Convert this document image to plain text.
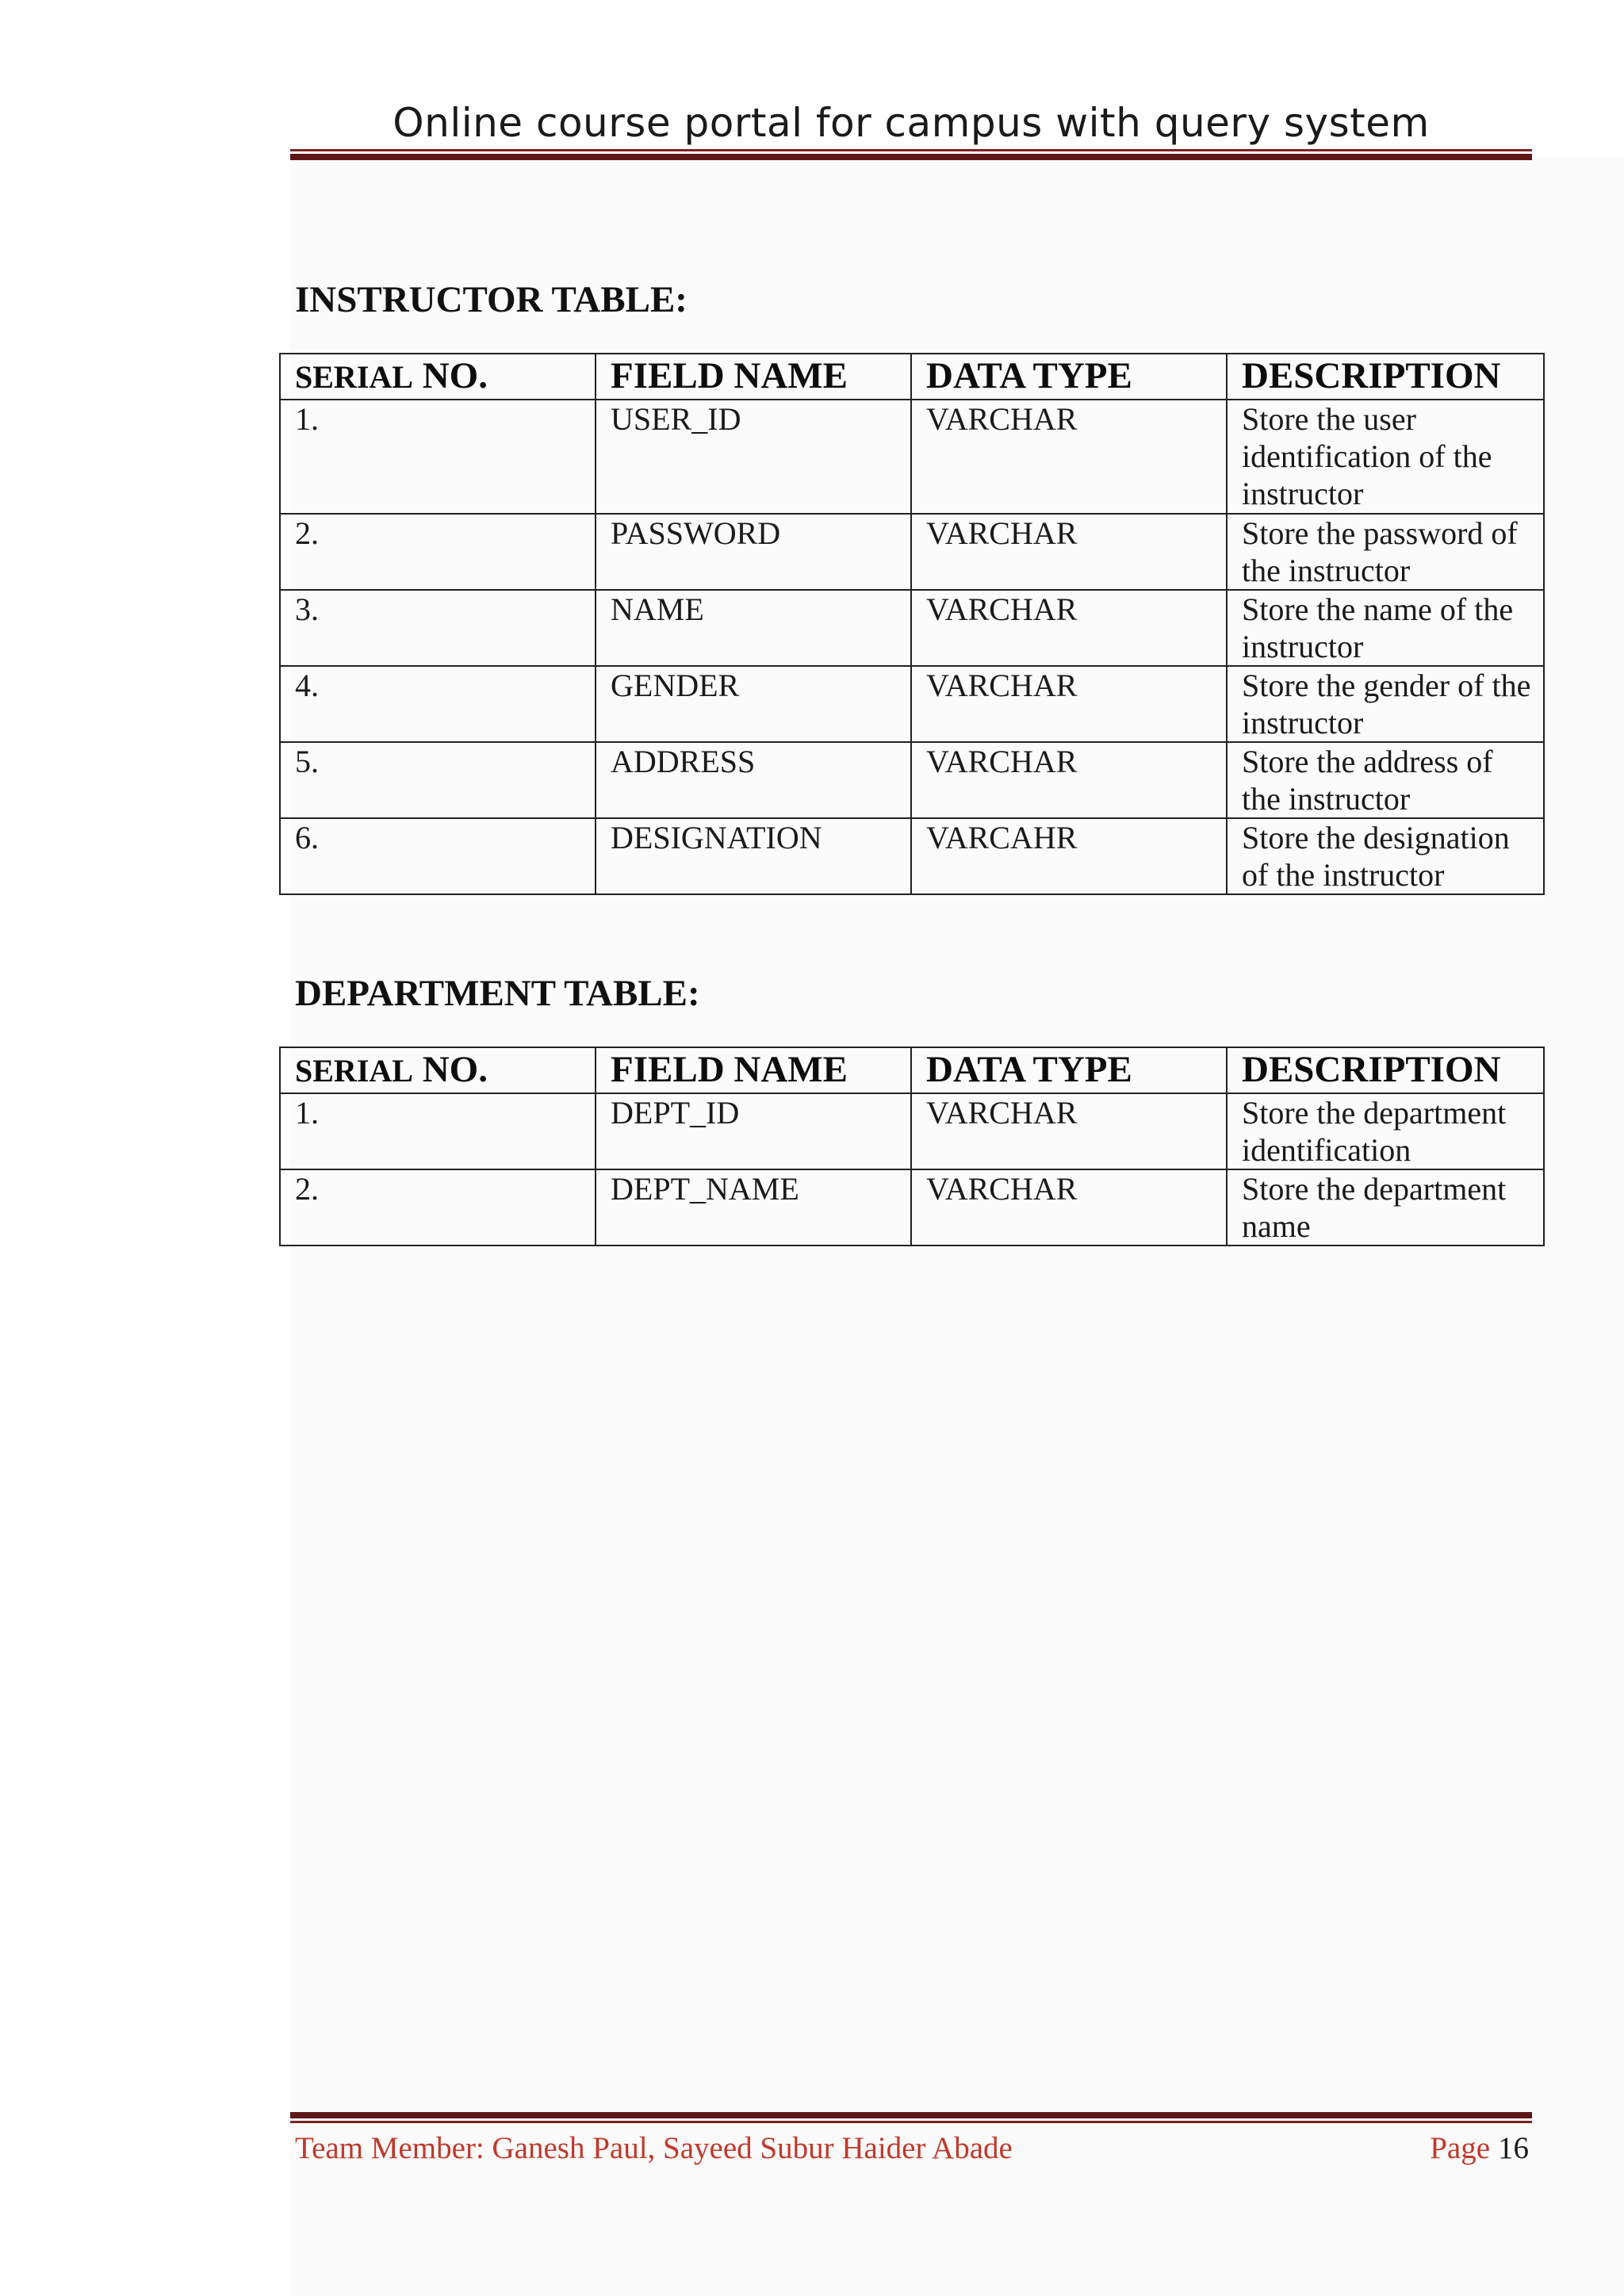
Online course portal for campus with query system
INSTRUCTOR TABLE:
SERIAL NO.	FIELD NAME	DATA TYPE	DESCRIPTION
1.	USER_ID	VARCHAR	Store the user identification of the instructor
2.	PASSWORD	VARCHAR	Store the password of the instructor
3.	NAME	VARCHAR	Store the name of the instructor
4.	GENDER	VARCHAR	Store the gender of the instructor
5.	ADDRESS	VARCHAR	Store the address of the instructor
6.	DESIGNATION	VARCAHR	Store the designation of the instructor
DEPARTMENT TABLE:
SERIAL NO.	FIELD NAME	DATA TYPE	DESCRIPTION
1.	DEPT_ID	VARCHAR	Store the department identification
2.	DEPT_NAME	VARCHAR	Store the department name
Team Member: Ganesh Paul, Sayeed Subur Haider Abade	Page 16
